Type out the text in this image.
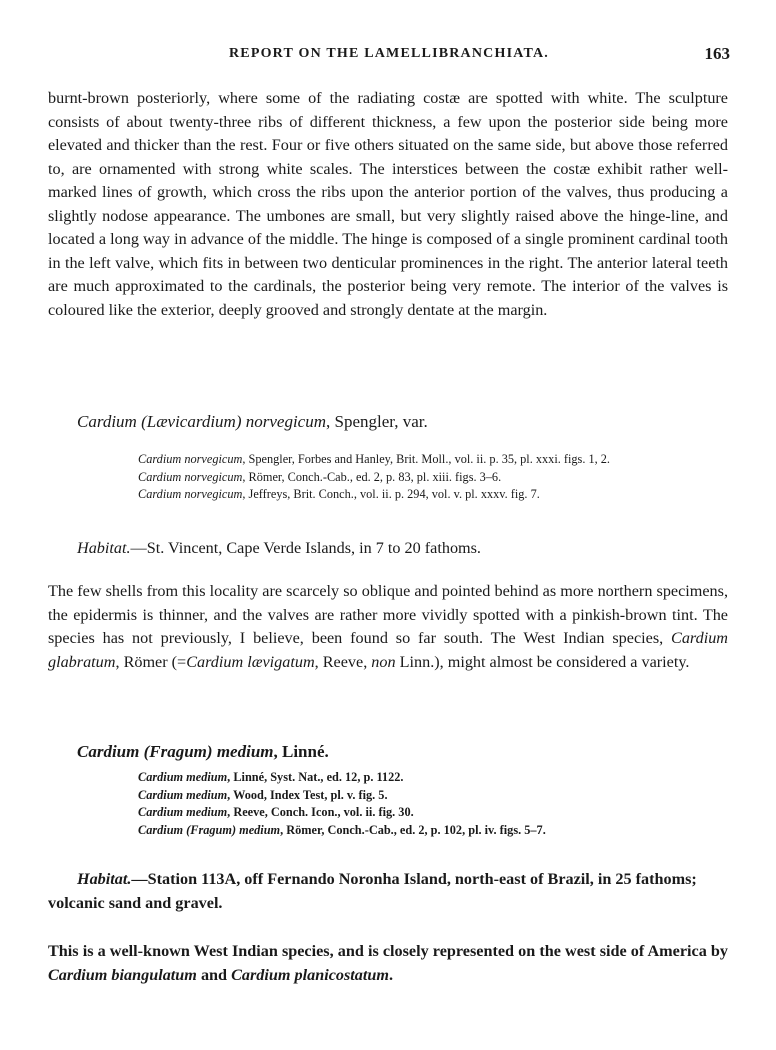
REPORT ON THE LAMELLIBRANCHIATA.	163

burnt-brown posteriorly, where some of the radiating costæ are spotted with white. The sculpture consists of about twenty-three ribs of different thickness, a few upon the posterior side being more elevated and thicker than the rest. Four or five others situated on the same side, but above those referred to, are ornamented with strong white scales. The interstices between the costæ exhibit rather well-marked lines of growth, which cross the ribs upon the anterior portion of the valves, thus producing a slightly nodose appearance. The umbones are small, but very slightly raised above the hinge-line, and located a long way in advance of the middle. The hinge is composed of a single prominent cardinal tooth in the left valve, which fits in between two denticular prominences in the right. The anterior lateral teeth are much approximated to the cardinals, the posterior being very remote. The interior of the valves is coloured like the exterior, deeply grooved and strongly dentate at the margin.

Cardium (Lævicardium) norvegicum, Spengler, var.

Cardium norvegicum, Spengler, Forbes and Hanley, Brit. Moll., vol. ii. p. 35, pl. xxxi. figs. 1, 2.
Cardium norvegicum, Römer, Conch.-Cab., ed. 2, p. 83, pl. xiii. figs. 3–6.
Cardium norvegicum, Jeffreys, Brit. Conch., vol. ii. p. 294, vol. v. pl. xxxv. fig. 7.

Habitat.—St. Vincent, Cape Verde Islands, in 7 to 20 fathoms.

The few shells from this locality are scarcely so oblique and pointed behind as more northern specimens, the epidermis is thinner, and the valves are rather more vividly spotted with a pinkish-brown tint. The species has not previously, I believe, been found so far south. The West Indian species, Cardium glabratum, Römer (=Cardium lævigatum, Reeve, non Linn.), might almost be considered a variety.

Cardium (Fragum) medium, Linné.

Cardium medium, Linné, Syst. Nat., ed. 12, p. 1122.
Cardium medium, Wood, Index Test, pl. v. fig. 5.
Cardium medium, Reeve, Conch. Icon., vol. ii. fig. 30.
Cardium (Fragum) medium, Römer, Conch.-Cab., ed. 2, p. 102, pl. iv. figs. 5–7.

Habitat.—Station 113A, off Fernando Noronha Island, north-east of Brazil, in 25 fathoms; volcanic sand and gravel.

This is a well-known West Indian species, and is closely represented on the west side of America by Cardium biangulatum and Cardium planicostatum.
